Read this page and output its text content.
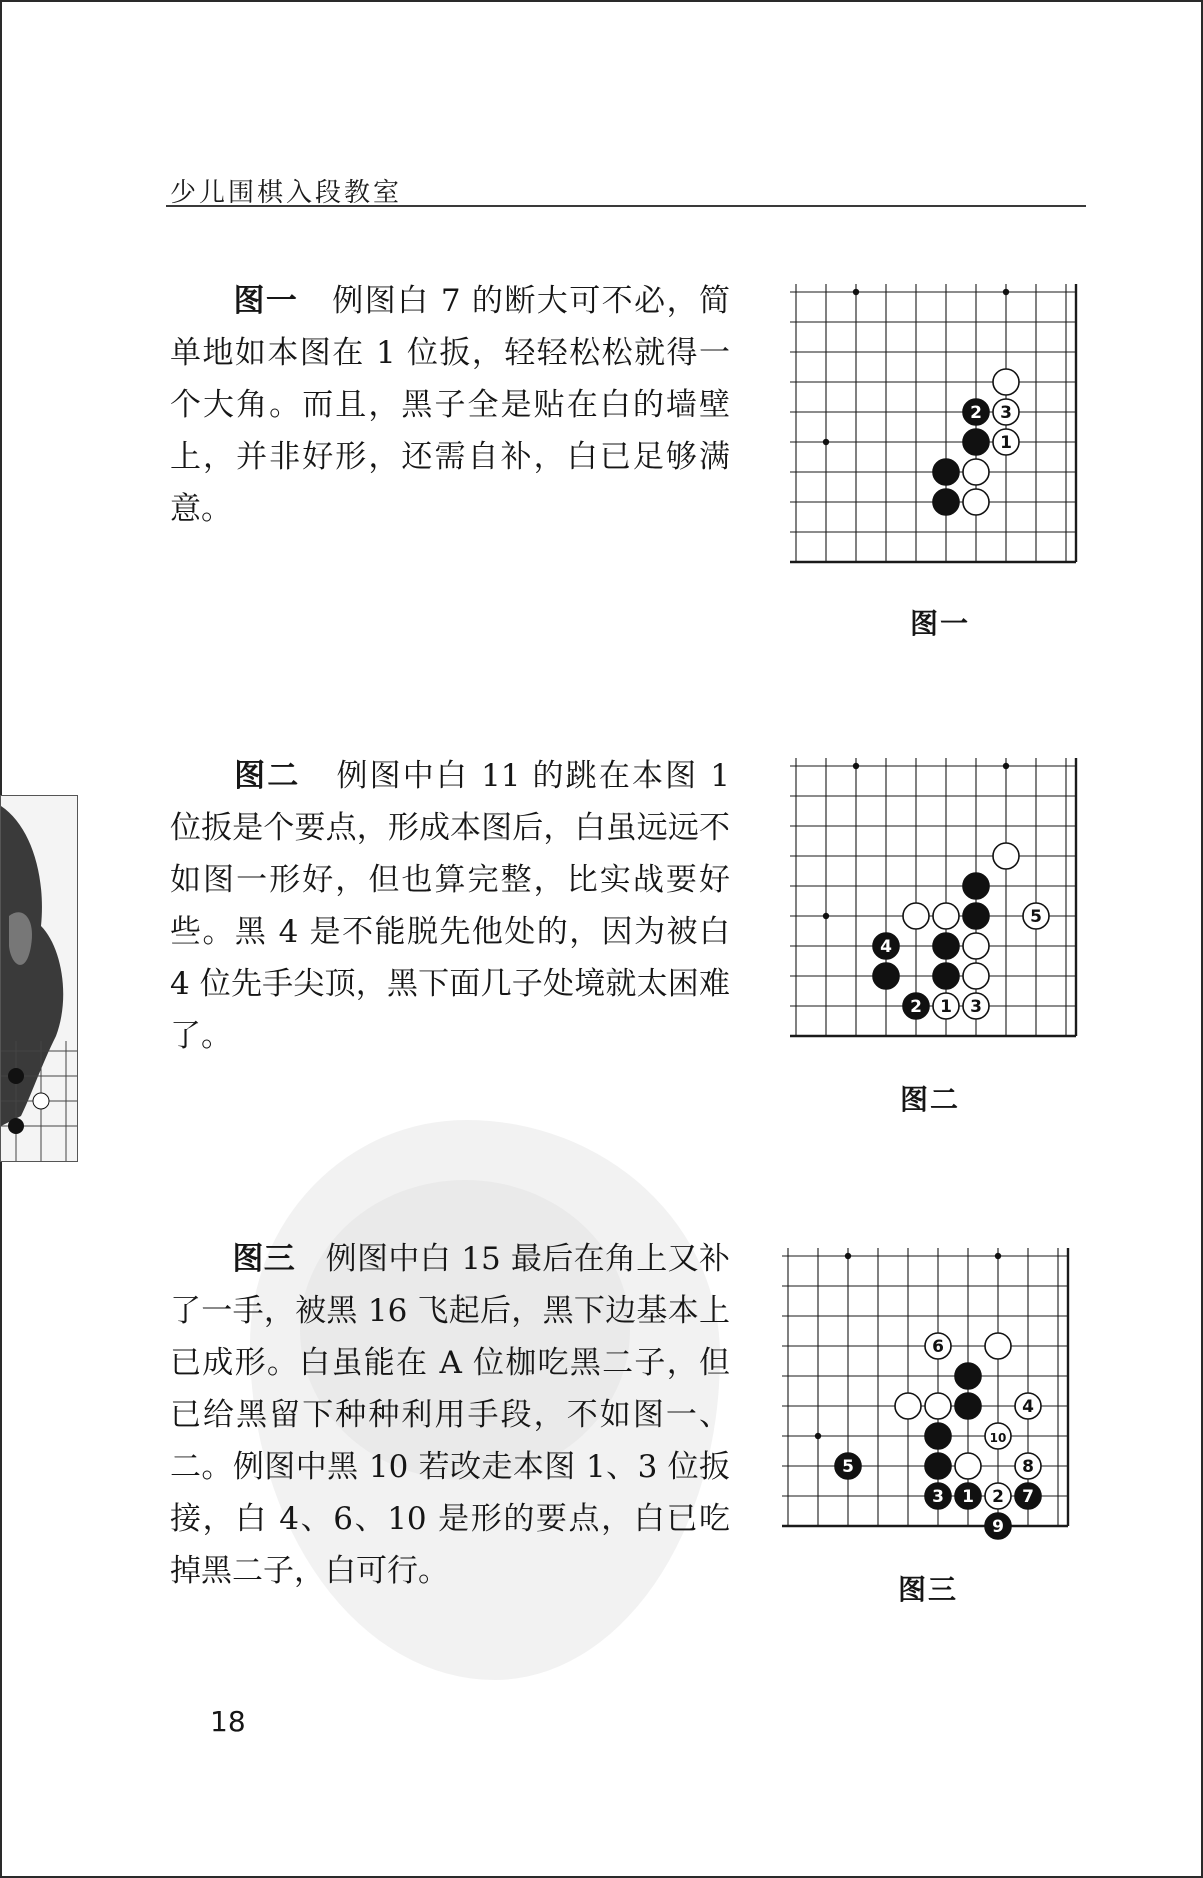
少儿围棋入段教室

图一 例图白 7 的断大可不必，简单地如本图在 1 位扳，轻轻松松就得一个大角。而且，黑子全是贴在白的墙壁上，并非好形，还需自补，白已足够满意。

2 3
1
图一

图二 例图中白 11 的跳在本图 1 位扳是个要点，形成本图后，白虽远远不如图一形好，但也算完整，比实战要好些。黑 4 是不能脱先他处的，因为被白 4 位先手尖顶，黑下面几子处境就太困难了。

5
4
2 1 3
图二

图三 例图中白 15 最后在角上又补了一手，被黑 16 飞起后，黑下边基本上已成形。白虽能在 A 位枷吃黑二子，但已给黑留下种种利用手段，不如图一、二。例图中黑 10 若改走本图 1、3 位扳接，白 4、6、10 是形的要点，白已吃掉黑二子，白可行。

6
4
10
5	8
3 1 2 7
9
图三
18
